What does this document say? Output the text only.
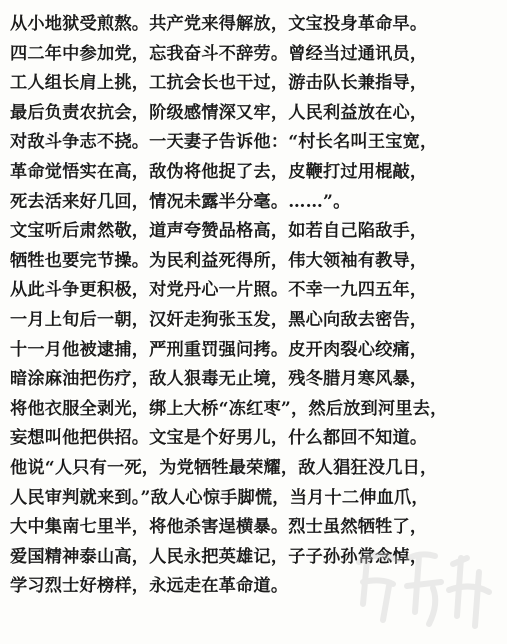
从小地狱受煎熬。共产党来得解放，文宝投身革命早。
四二年中参加党，忘我奋斗不辞劳。曾经当过通讯员，
工人组长肩上挑，工抗会长也干过，游击队长兼指导，
最后负责农抗会，阶级感情深又牢，人民利益放在心，
对敌斗争志不挠。一天妻子告诉他：“村长名叫王宝宽，
革命觉悟实在高，敌伪将他捉了去，皮鞭打过用棍敲，
死去活来好几回，情况未露半分毫。……”。
文宝听后肃然敬，道声夸赞品格高，如若自己陷敌手，
牺牲也要完节操。为民利益死得所，伟大领袖有教导，
从此斗争更积极，对党丹心一片照。不幸一九四五年，
一月上旬后一朝，汉奸走狗张玉发，黑心向敌去密告，
十一月他被逮捕，严刑重罚强问拷。皮开肉裂心绞痛，
暗涂麻油把伤疗，敌人狠毒无止境，残冬腊月寒风暴，
将他衣服全剥光，绑上大桥“冻红枣”，然后放到河里去，
妄想叫他把供招。文宝是个好男儿，什么都回不知道。
他说“人只有一死，为党牺牲最荣耀，敌人猖狂没几日，
人民审判就来到。”敌人心惊手脚慌，当月十二伸血爪，
大中集南七里半，将他杀害逞横暴。烈士虽然牺牲了，
爱国精神泰山高，人民永把英雄记，子子孙孙常念悼，
学习烈士好榜样，永远走在革命道。
